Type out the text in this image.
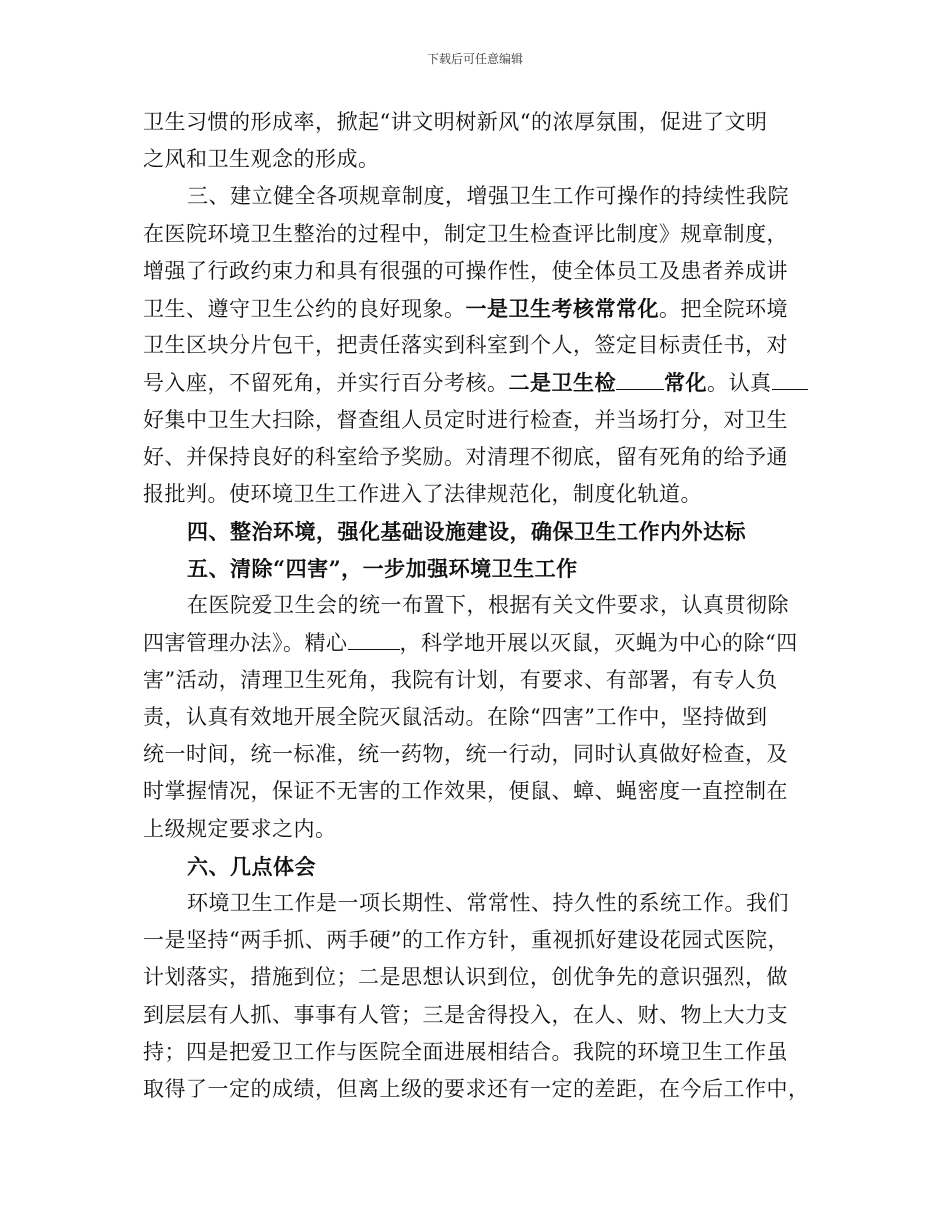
下载后可任意编辑
卫生习惯的形成率，掀起“讲文明树新风“的浓厚氛围，促进了文明
之风和卫生观念的形成。
三、建立健全各项规章制度，增强卫生工作可操作的持续性我院
在医院环境卫生整治的过程中，制定卫生检查评比制度》规章制度，
增强了行政约束力和具有很强的可操作性，使全体员工及患者养成讲
卫生、遵守卫生公约的良好现象。一是卫生考核常常化。把全院环境
卫生区块分片包干，把责任落实到科室到个人，签定目标责任书，对
号入座，不留死角，并实行百分考核。二是卫生检 常化。认真
好集中卫生大扫除，督查组人员定时进行检查，并当场打分，对卫生
好、并保持良好的科室给予奖励。对清理不彻底，留有死角的给予通
报批判。使环境卫生工作进入了法律规范化，制度化轨道。
四、整治环境，强化基础设施建设，确保卫生工作内外达标
五、清除“四害”，一步加强环境卫生工作
在医院爱卫生会的统一布置下，根据有关文件要求，认真贯彻除
四害管理办法》。精心 ，科学地开展以灭鼠，灭蝇为中心的除“四
害”活动，清理卫生死角，我院有计划，有要求、有部署，有专人负
责，认真有效地开展全院灭鼠活动。在除“四害”工作中，坚持做到
统一时间，统一标准，统一药物，统一行动，同时认真做好检查，及
时掌握情况，保证不无害的工作效果，便鼠、蟑、蝇密度一直控制在
上级规定要求之内。
六、几点体会
环境卫生工作是一项长期性、常常性、持久性的系统工作。我们
一是坚持“两手抓、两手硬”的工作方针，重视抓好建设花园式医院，
计划落实，措施到位；二是思想认识到位，创优争先的意识强烈，做
到层层有人抓、事事有人管；三是舍得投入，在人、财、物上大力支
持；四是把爱卫工作与医院全面进展相结合。我院的环境卫生工作虽
取得了一定的成绩，但离上级的要求还有一定的差距，在今后工作中，
